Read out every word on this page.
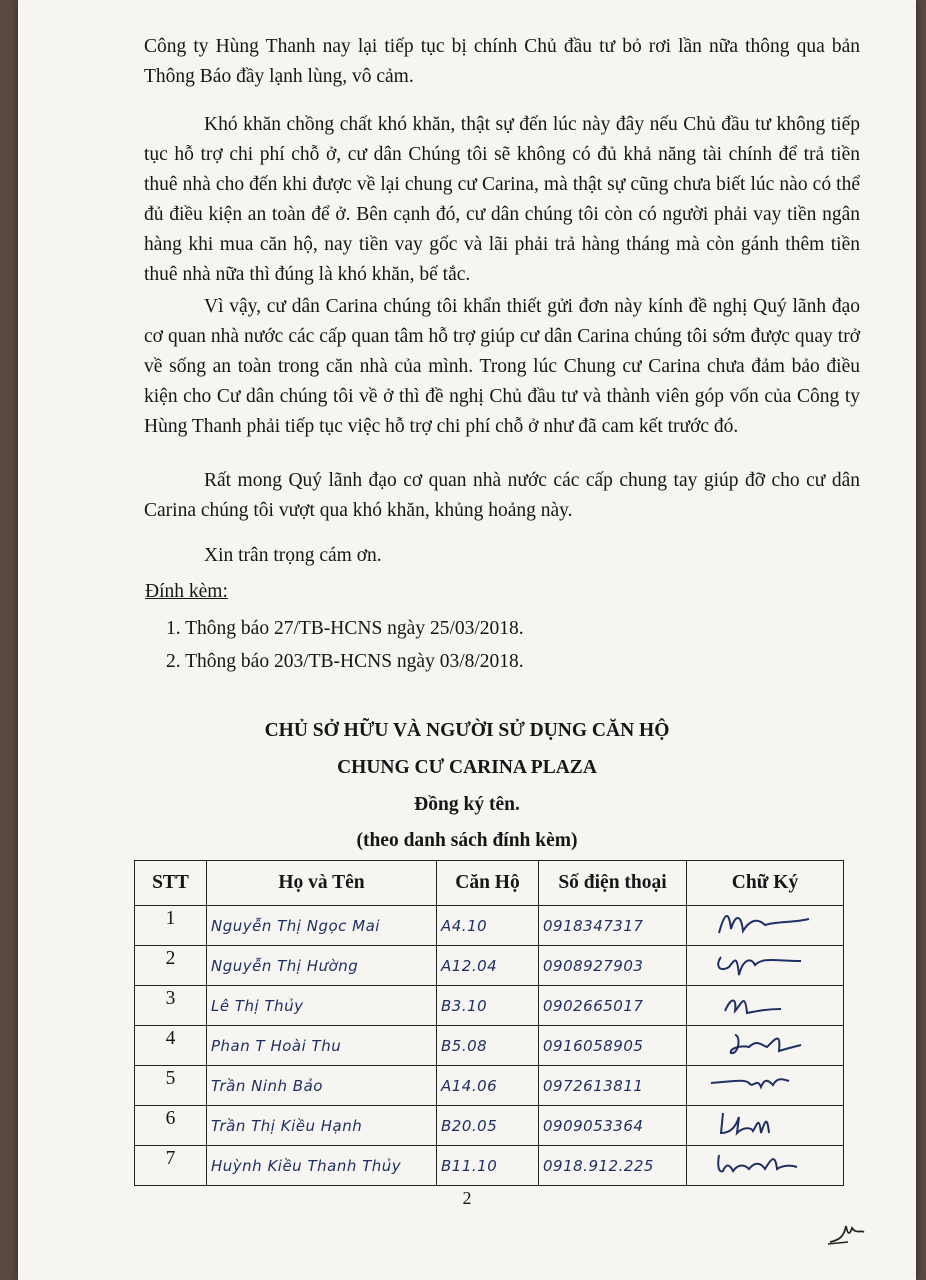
Công ty Hùng Thanh nay lại tiếp tục bị chính Chủ đầu tư bỏ rơi lần nữa thông qua bản Thông Báo đầy lạnh lùng, vô cảm.

Khó khăn chồng chất khó khăn, thật sự đến lúc này đây nếu Chủ đầu tư không tiếp tục hỗ trợ chi phí chỗ ở, cư dân Chúng tôi sẽ không có đủ khả năng tài chính để trả tiền thuê nhà cho đến khi được về lại chung cư Carina, mà thật sự cũng chưa biết lúc nào có thể đủ điều kiện an toàn để ở. Bên cạnh đó, cư dân chúng tôi còn có người phải vay tiền ngân hàng khi mua căn hộ, nay tiền vay gốc và lãi phải trả hàng tháng mà còn gánh thêm tiền thuê nhà nữa thì đúng là khó khăn, bế tắc.

Vì vậy, cư dân Carina chúng tôi khẩn thiết gửi đơn này kính đề nghị Quý lãnh đạo cơ quan nhà nước các cấp quan tâm hỗ trợ giúp cư dân Carina chúng tôi sớm được quay trở về sống an toàn trong căn nhà của mình. Trong lúc Chung cư Carina chưa đảm bảo điều kiện cho Cư dân chúng tôi về ở thì đề nghị Chủ đầu tư và thành viên góp vốn của Công ty Hùng Thanh phải tiếp tục việc hỗ trợ chi phí chỗ ở như đã cam kết trước đó.

Rất mong Quý lãnh đạo cơ quan nhà nước các cấp chung tay giúp đỡ cho cư dân Carina chúng tôi vượt qua khó khăn, khủng hoảng này.

Xin trân trọng cám ơn.

Đính kèm:
1. Thông báo 27/TB-HCNS ngày 25/03/2018.
2. Thông báo 203/TB-HCNS ngày 03/8/2018.
CHỦ SỞ HỮU VÀ NGƯỜI SỬ DỤNG CĂN HỘ
CHUNG CƯ CARINA PLAZA
Đồng ký tên.
(theo danh sách đính kèm)
STT	Họ và Tên	Căn Hộ	Số điện thoại	Chữ Ký
1	Nguyễn Thị Ngọc Mai	A4.10	0918347317	
2	Nguyễn Thị Hường	A12.04	0908927903	
3	Lê Thị Thủy	B3.10	0902665017	
4	Phan T Hoài Thu	B5.08	0916058905	
5	Trần Ninh Bảo	A14.06	0972613811	
6	Trần Thị Kiều Hạnh	B20.05	0909053364	
7	Huỳnh Kiều Thanh Thủy	B11.10	0918.912.225	
2
